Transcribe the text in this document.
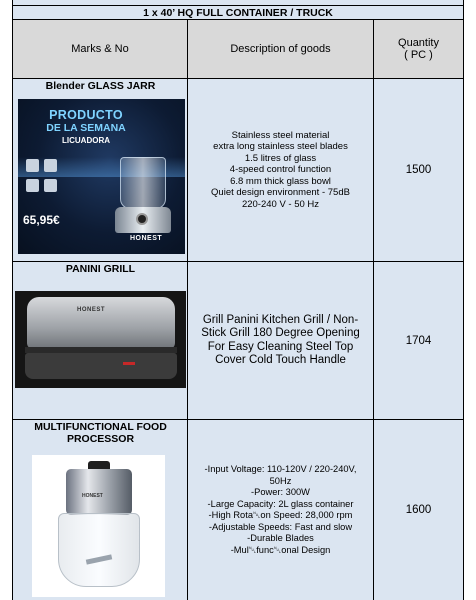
1 x 40’ HQ FULL CONTAINER / TRUCK
Marks & No	Description of goods	Quantity
( PC )
Blender GLASS JARR
PRODUCTO
DE LA SEMANA
LICUADORA
65,95€
HONEST
Stainless steel material
extra long stainless steel blades
1.5 litres of glass
4-speed control function
6.8 mm thick glass bowl
Quiet design environment - 75dB
220-240 V - 50 Hz
1500
PANINI GRILL
HONEST
Grill Panini Kitchen Grill / Non-
Stick Grill 180 Degree Opening
For Easy Cleaning Steel Top
Cover Cold Touch Handle
1704
MULTIFUNCTIONAL FOOD
PROCESSOR
HONEST
-Input Voltage: 110-120V / 220-240V,
50Hz
-Power: 300W
-Large Capacity: 2L glass container
-High Rota␀on Speed: 28,000 rpm
-Adjustable Speeds: Fast and slow
-Durable Blades
-Mul␀func␀onal Design
1600
